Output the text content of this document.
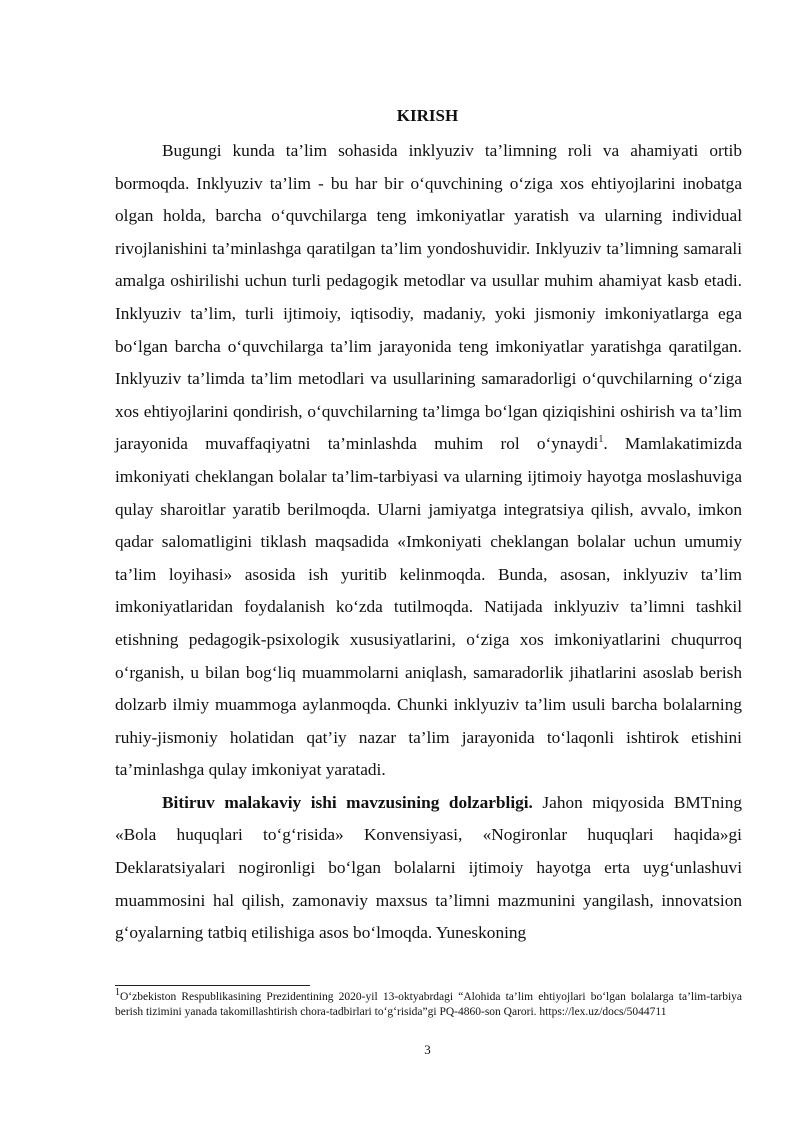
KIRISH

Bugungi kunda ta’lim sohasida inklyuziv ta’limning roli va ahamiyati ortib bormoqda. Inklyuziv ta’lim - bu har bir o‘quvchining o‘ziga xos ehtiyojlarini inobatga olgan holda, barcha o‘quvchilarga teng imkoniyatlar yaratish va ularning individual rivojlanishini ta’minlashga qaratilgan ta’lim yondoshuvidir. Inklyuziv ta’limning samarali amalga oshirilishi uchun turli pedagogik metodlar va usullar muhim ahamiyat kasb etadi. Inklyuziv ta’lim, turli ijtimoiy, iqtisodiy, madaniy, yoki jismoniy imkoniyatlarga ega bo‘lgan barcha o‘quvchilarga ta’lim jarayonida teng imkoniyatlar yaratishga qaratilgan. Inklyuziv ta’limda ta’lim metodlari va usullarining samaradorligi o‘quvchilarning o‘ziga xos ehtiyojlarini qondirish, o‘quvchilarning ta’limga bo‘lgan qiziqishini oshirish va ta’lim jarayonida muvaffaqiyatni ta’minlashda muhim rol o‘ynaydi$^1$. Mamlakatimizda imkoniyati cheklangan bolalar ta’lim-tarbiyasi va ularning ijtimoiy hayotga moslashuviga qulay sharoitlar yaratib berilmoqda. Ularni jamiyatga integratsiya qilish, avvalo, imkon qadar salomatligini tiklash maqsadida «Imkoniyati cheklangan bolalar uchun umumiy ta’lim loyihasi» asosida ish yuritib kelinmoqda. Bunda, asosan, inklyuziv ta’lim imkoniyatlaridan foydalanish ko‘zda tutilmoqda. Natijada inklyuziv ta’limni tashkil etishning pedagogik-psixologik xususiyatlarini, o‘ziga xos imkoniyatlarini chuqurroq o‘rganish, u bilan bog‘liq muammolarni aniqlash, samaradorlik jihatlarini asoslab berish dolzarb ilmiy muammoga aylanmoqda. Chunki inklyuziv ta’lim usuli barcha bolalarning ruhiy-jismoniy holatidan qat’iy nazar ta’lim jarayonida to‘laqonli ishtirok etishini ta’minlashga qulay imkoniyat yaratadi.

Bitiruv malakaviy ishi mavzusining dolzarbligi. Jahon miqyosida BMTning «Bola huquqlari to‘g‘risida» Konvensiyasi, «Nogironlar huquqlari haqida»gi Deklaratsiyalari nogironligi bo‘lgan bolalarni ijtimoiy hayotga erta uyg‘unlashuvi muammosini hal qilish, zamonaviy maxsus ta’limni mazmunini yangilash, innovatsion g‘oyalarning tatbiq etilishiga asos bo‘lmoqda. Yuneskoning

$^1$O‘zbekiston Respublikasining Prezidentining 2020-yil 13-oktyabrdagi “Alohida ta’lim ehtiyojlari bo‘lgan bolalarga ta’lim-tarbiya berish tizimini yanada takomillashtirish chora-tadbirlari to‘g‘risida”gi PQ-4860-son Qarori. https://lex.uz/docs/5044711
3
